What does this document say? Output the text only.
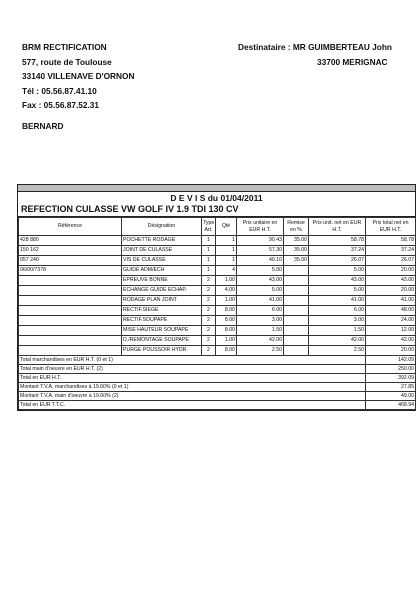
BRM RECTIFICATION
577, route de Toulouse
33140 VILLENAVE D'ORNON
Tél : 05.56.87.41.10
Fax : 05.56.87.52.31
Destinataire : MR GUIMBERTEAU John
33700 MERIGNAC
BERNARD
D E V I S du 01/04/2011
REFECTION CULASSE VW GOLF IV 1.9 TDI 130 CV
Référence	Désignation	Type Art.	Qté	Prix unitaire en EUR H.T.	Remise en %	Prix unit. net en EUR H.T.	Prix total net en EUR H.T.
428 880	POCHETTE RODAGE	1	1	90.43	35.00	58.78	58.78
150 162	JOINT DE CULASSE	1	1	57.30	35.00	37.24	37.24
057 240	VIS DE CULASSE	1	1	40.10	35.00	26.07	26.07
06/00/7378	GUIDE ADM/ECH	1	4	5.00		5.00	20.00
	EPREUVE BONNE	2	1.00	43.00		43.00	43.00
	ECHANGE GUIDE ECHAP.	2	4.00	5.00		5.00	20.00
	RODAGE PLAN JOINT	2	1.00	41.00		41.00	41.00
	RECTIF.SIEGE	2	8.00	6.00		6.00	48.00
	RECTIF.SOUPAPE	2	8.00	3.00		3.00	24.00
	MISE HAUTEUR SOUPAPE	2	8.00	1.50		1.50	12.00
	D./REMONTAGE SOUPAPE	2	1.00	42.00		42.00	42.00
	PURGE POUSSOIR HYDR.	2	8.00	2.50		2.50	20.00
Total marchandises en EUR H.T. (0 et 1)							142.09
Total main d'oeuvre en EUR H.T. (2)							250.00
Total en EUR H.T.							392.09
Montant T.V.A. marchandises à 19.60% (0 et 1)							27.85
Montant T.V.A. main d'oeuvre à 19.60% (2)							49.00
Total en EUR T.T.C.							468.94
